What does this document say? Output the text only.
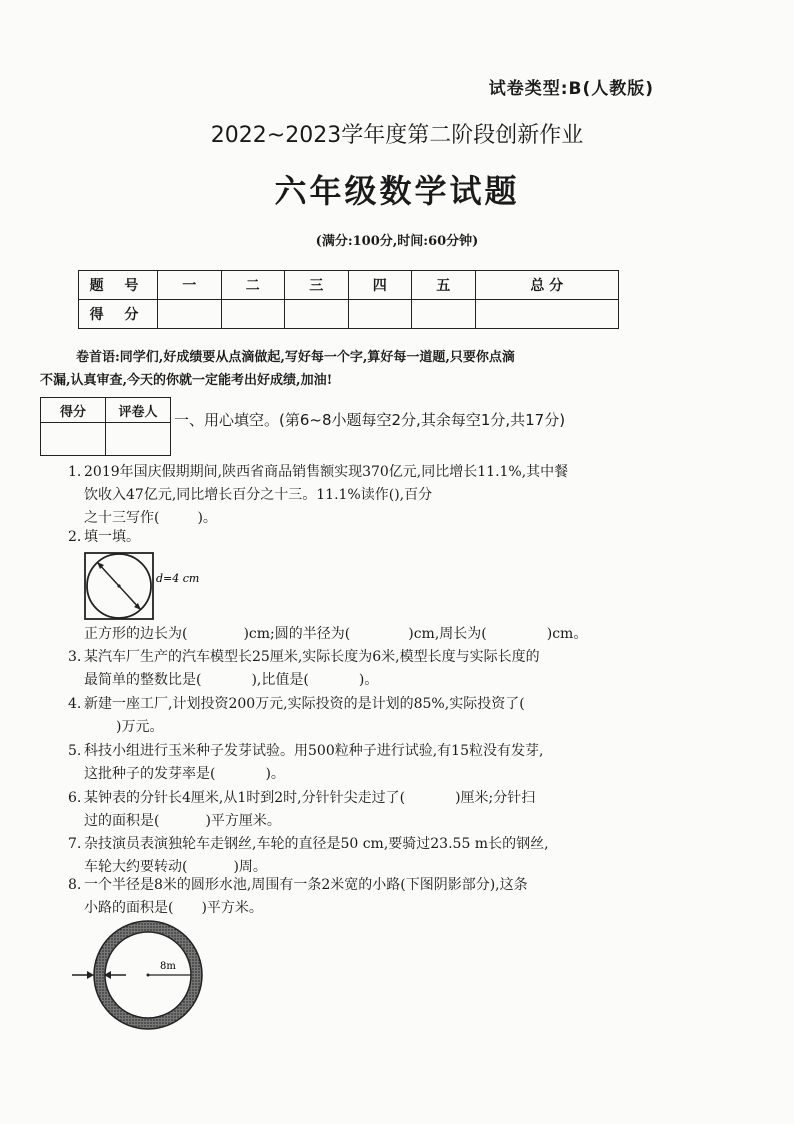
试卷类型:B(人教版)
2022~2023学年度第二阶段创新作业
六年级数学试题
(满分:100分,时间:60分钟)
题 号	一	二	三	四	五	总 分
得 分						
卷首语:同学们,好成绩要从点滴做起,写好每一个字,算好每一道题,只要你点滴
不漏,认真审查,今天的你就一定能考出好成绩,加油!
得分	评卷人
	一、用心填空。(第6~8小题每空2分,其余每空1分,共17分)
1. 2019年国庆假期期间,陕西省商品销售额实现370亿元,同比增长11.1%,其中餐
饮收入47亿元,同比增长百分之十三。11.1%读作(),百分
之十三写作(	)。
2. 填一填。
d=4 cm
正方形的边长为(	)cm;圆的半径为(	)cm,周长为(	)cm。
3. 某汽车厂生产的汽车模型长25厘米,实际长度为6米,模型长度与实际长度的
最简单的整数比是(	),比值是(	)。
4. 新建一座工厂,计划投资200万元,实际投资的是计划的85%,实际投资了(
)万元。
5. 科技小组进行玉米种子发芽试验。用500粒种子进行试验,有15粒没有发芽,
这批种子的发芽率是(	)。
6. 某钟表的分针长4厘米,从1时到2时,分针针尖走过了(	)厘米;分针扫
过的面积是(	)平方厘米。
7. 杂技演员表演独轮车走钢丝,车轮的直径是50 cm,要骑过23.55 m长的钢丝,
车轮大约要转动(	)周。
8. 一个半径是8米的圆形水池,周围有一条2米宽的小路(下图阴影部分),这条
小路的面积是( )平方米。
8m
